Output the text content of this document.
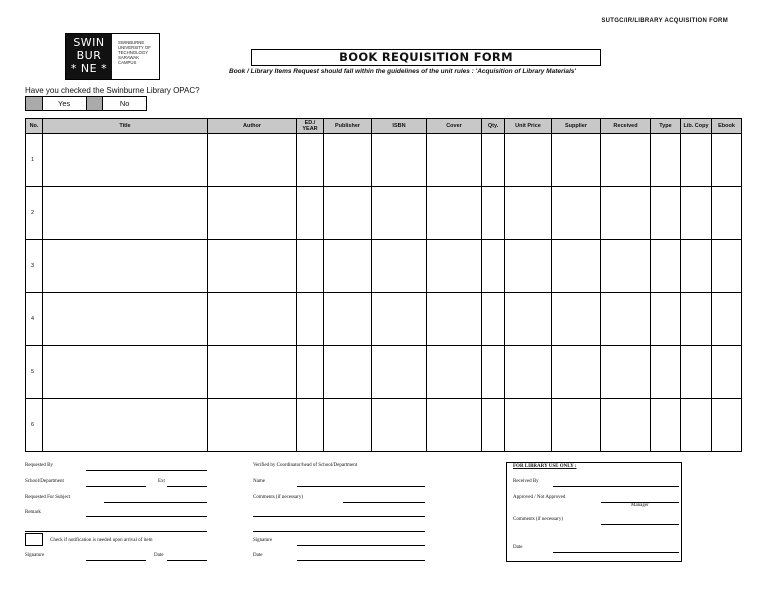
SUTGC/IR/LIBRARY ACQUISITION FORM
SWIN
BUR
* NE *
SWINBURNE
UNIVERSITY OF
TECHNOLOGY
SARAWAK CAMPUS	BOOK REQUISITION FORM
Book / Library Items Request should fall within the guidelines of the unit rules : 'Acquisition of Library Materials'
Have you checked the Swinburne Library OPAC?
Yes	No
No.	Title	Author	ED./ YEAR	Publisher	ISBN	Cover	Qty.	Unit Price	Supplier	Received	Type	Lib. Copy	Ebook
1													
2													
3													
4													
5													
6													
Requested By
School/Department	Ext
Requested For Subject
Remark
Check if notification is needed upon arrival of item
Signature	Date
Verified by Coordinator/head of School/Department
Name
Comments (if necessary)
Signature
Date
FOR LIBRARY USE ONLY :
Received By
Approved / Not Approved
Manager
Comments (if necessary)
Date
